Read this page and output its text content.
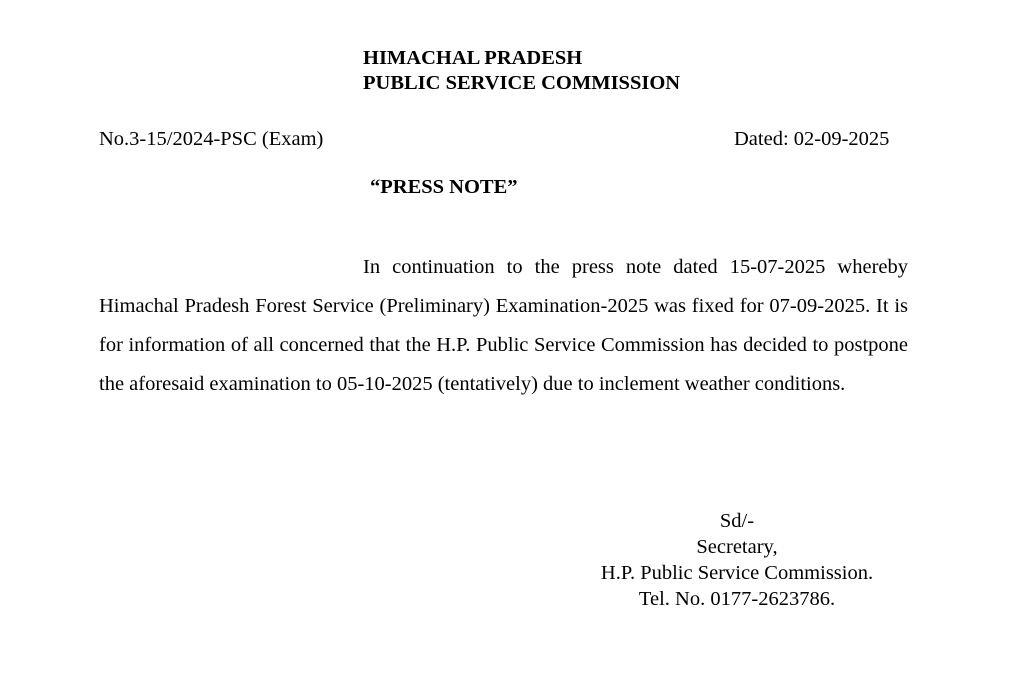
HIMACHAL PRADESH
PUBLIC SERVICE COMMISSION
No.3-15/2024-PSC (Exam)	Dated: 02-09-2025
“PRESS NOTE”

In continuation to the press note dated 15-07-2025 whereby Himachal Pradesh Forest Service (Preliminary) Examination-2025 was fixed for 07-09-2025. It is for information of all concerned that the H.P. Public Service Commission has decided to postpone the aforesaid examination to 05-10-2025 (tentatively) due to inclement weather conditions.

Sd/-
Secretary,
H.P. Public Service Commission.
Tel. No. 0177-2623786.
